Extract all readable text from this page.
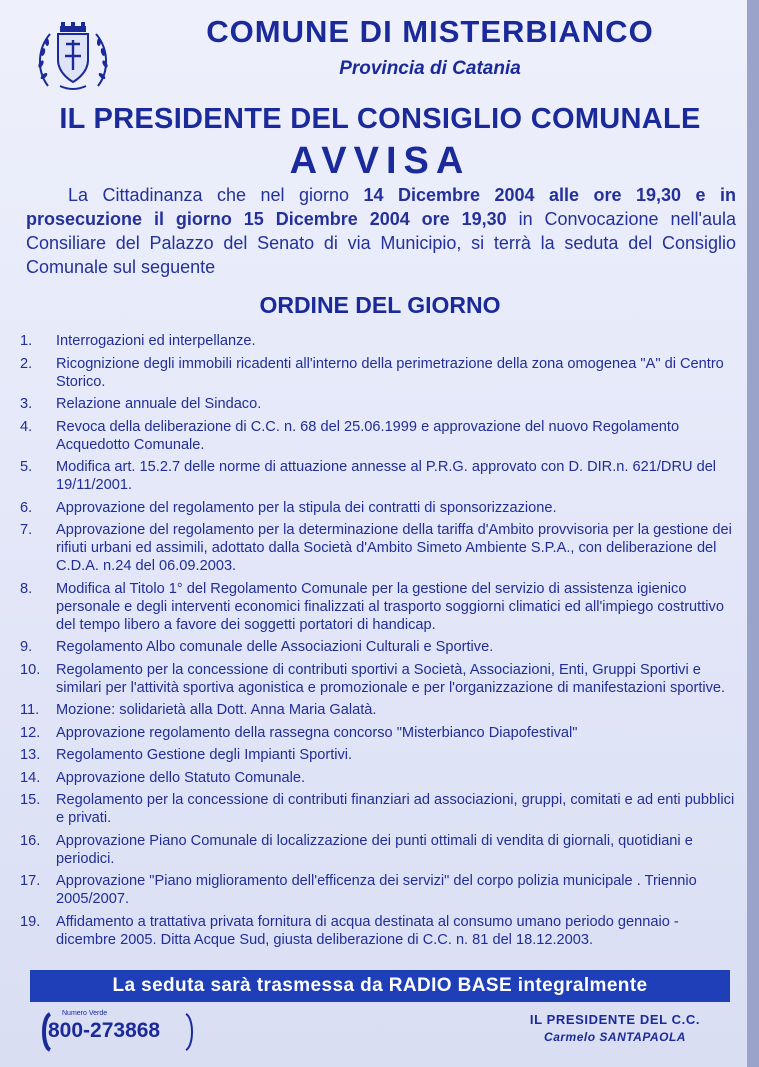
COMUNE DI MISTERBIANCO
Provincia di Catania
IL PRESIDENTE DEL CONSIGLIO COMUNALE
AVVISA
La Cittadinanza che nel giorno 14 Dicembre 2004 alle ore 19,30 e in prosecuzione il giorno 15 Dicembre 2004 ore 19,30 in Convocazione nell'aula Consiliare del Palazzo del Senato di via Municipio, si terrà la seduta del Consiglio Comunale sul seguente
ORDINE DEL GIORNO
1.	Interrogazioni ed interpellanze.
2.	Ricognizione degli immobili ricadenti all'interno della perimetrazione della zona omogenea "A" di Centro Storico.
3.	Relazione annuale del Sindaco.
4.	Revoca della deliberazione di C.C. n. 68 del 25.06.1999 e approvazione del nuovo Regolamento Acquedotto Comunale.
5.	Modifica art. 15.2.7 delle norme di attuazione annesse al P.R.G. approvato con D. DIR.n. 621/DRU del 19/11/2001.
6.	Approvazione del regolamento per la stipula dei contratti di sponsorizzazione.
7.	Approvazione del regolamento per la determinazione della tariffa d'Ambito provvisoria per la gestione dei rifiuti urbani ed assimili, adottato dalla Società d'Ambito Simeto Ambiente S.P.A., con deliberazione del C.D.A. n.24 del 06.09.2003.
8.	Modifica al Titolo 1° del Regolamento Comunale per la gestione del servizio di assistenza igienico personale e degli interventi economici finalizzati al trasporto soggiorni climatici ed all'impiego costruttivo del tempo libero a favore dei soggetti portatori di handicap.
9.	Regolamento Albo comunale delle Associazioni Culturali e Sportive.
10.	Regolamento per la concessione di contributi sportivi a Società, Associazioni, Enti, Gruppi Sportivi e similari per l'attività sportiva agonistica e promozionale e per l'organizzazione di manifestazioni sportive.
11.	Mozione: solidarietà alla Dott. Anna Maria Galatà.
12.	Approvazione regolamento della rassegna concorso "Misterbianco Diapofestival"
13.	Regolamento Gestione degli Impianti Sportivi.
14.	Approvazione dello Statuto Comunale.
15.	Regolamento per la concessione di contributi finanziari ad associazioni, gruppi, comitati e ad enti pubblici e privati.
16.	Approvazione Piano Comunale di localizzazione dei punti ottimali di vendita di giornali, quotidiani e periodici.
17.	Approvazione "Piano miglioramento dell'efficenza dei servizi" del corpo polizia municipale . Triennio 2005/2007.
19.	Affidamento a trattativa privata fornitura di acqua destinata al consumo umano periodo gennaio - dicembre 2005. Ditta Acque Sud, giusta deliberazione di C.C. n. 81 del 18.12.2003.
La seduta sarà trasmessa da RADIO BASE integralmente
Numero Verde
800-273868	IL PRESIDENTE DEL C.C.
Carmelo SANTAPAOLA
